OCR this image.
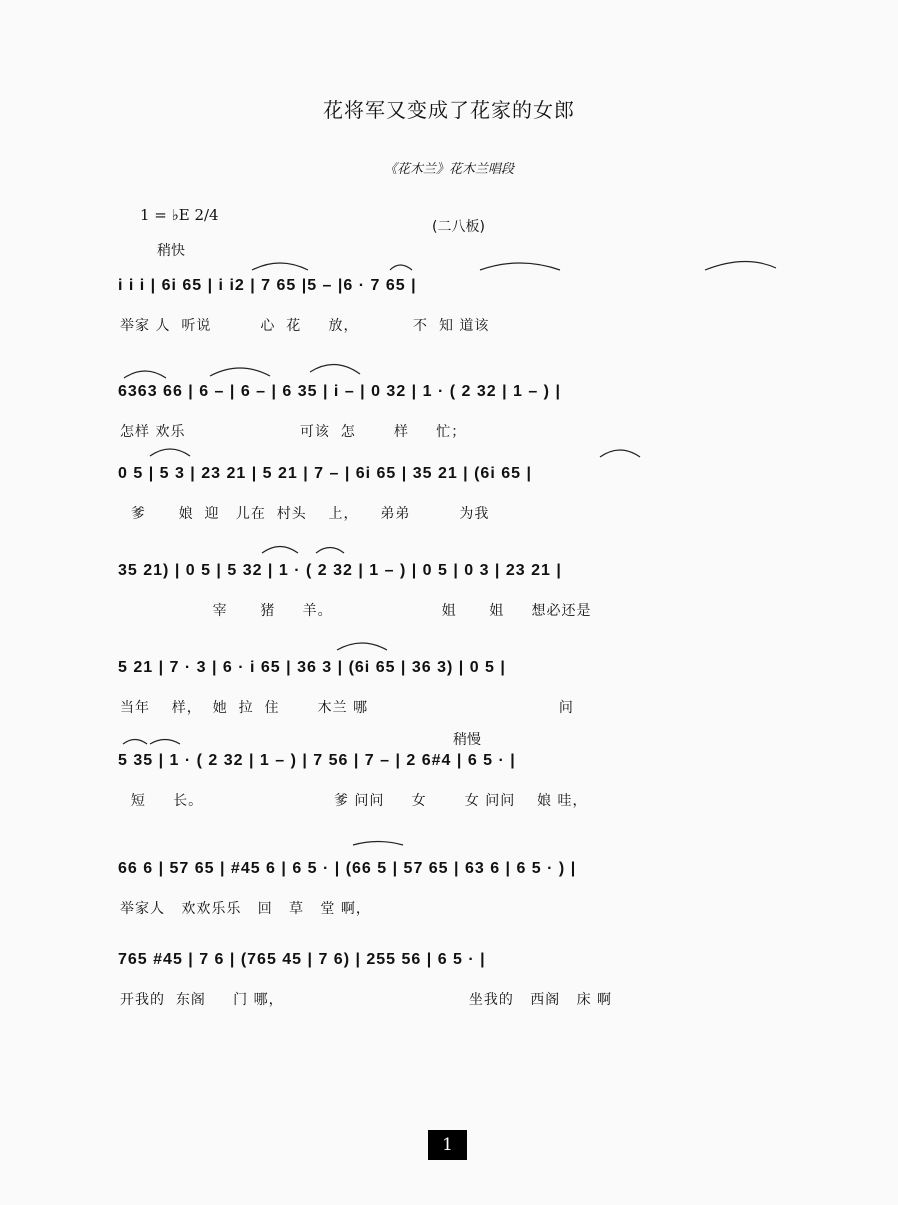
花将军又变成了花家的女郎
《花木兰》花木兰唱段
1 = ♭E 2/4
稍快
(二八板)
稍慢
i i i | 6i 65 | i i2 | 7 65 |5 – |6 · 7 65 |
举家 人  听说         心  花     放，          不  知 道该
6363 66 | 6 – | 6 – | 6 35 | i – | 0 32 | 1 · ( 2 32 | 1 – ) |
怎样 欢乐                     可该  怎       样     忙；
0 5 | 5 3 | 23 21 | 5 21 | 7 – | 6i 65 | 35 21 | (6i 65 |
爹      娘  迎   儿在  村头    上，    弟弟         为我
35 21) | 0 5 | 5 32 | 1 · ( 2 32 | 1 – ) | 0 5 | 0 3 | 23 21 |
宰      猪     羊。                    姐      姐     想必还是
5 21 | 7 · 3 | 6 · i 65 | 36 3 | (6i 65 | 36 3) | 0 5 |
当年    样，  她  拉  住       木兰 哪                                   问
5 35 | 1 · ( 2 32 | 1 – ) | 7 56 | 7 – | 2 6#4 | 6 5 · |
短     长。                        爹 问问     女       女 问问    娘 哇，
66 6 | 57 65 | #45 6 | 6 5 · | (66 5 | 57 65 | 63 6 | 6 5 · ) |
举家人   欢欢乐乐   回   草   堂 啊，
765 #45 | 7 6 | (765 45 | 7 6) | 255 56 | 6 5 · |
开我的  东阁     门 哪，                                  坐我的   西阁   床 啊
1
